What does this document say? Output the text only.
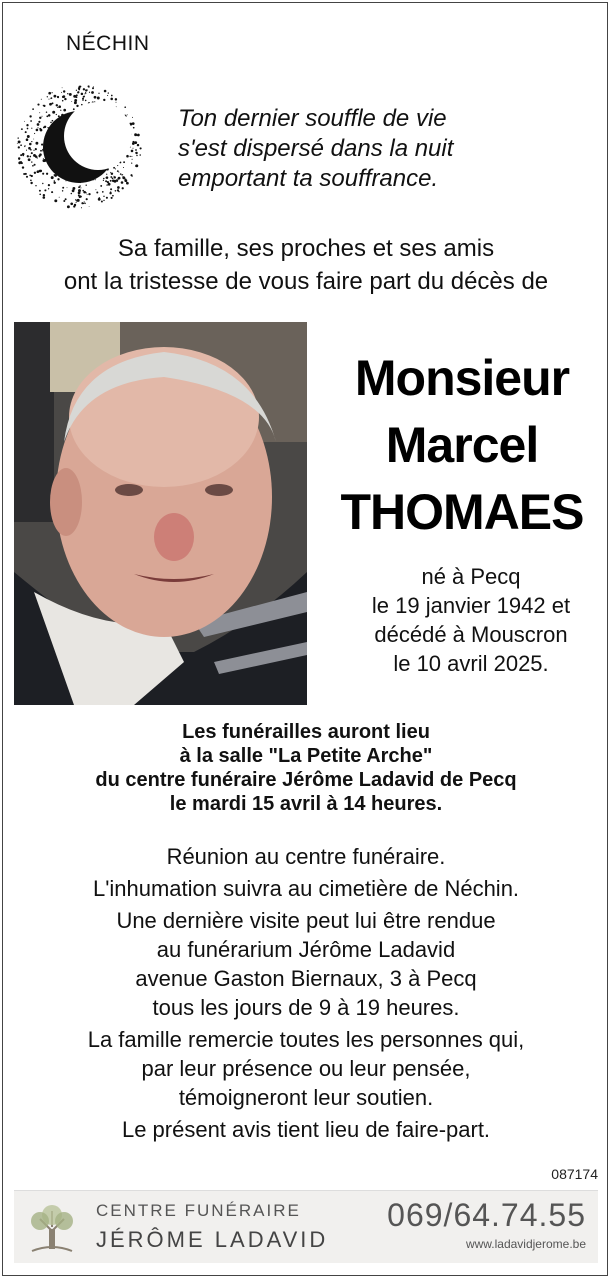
NÉCHIN
Ton dernier souffle de vie
s'est dispersé dans la nuit
emportant ta souffrance.
Sa famille, ses proches et ses amis
ont la tristesse de vous faire part du décès de
Monsieur
Marcel
THOMAES
né à Pecq
le 19 janvier 1942 et
décédé à Mouscron
le 10 avril 2025.
Les funérailles auront lieu
à la salle "La Petite Arche"
du centre funéraire Jérôme Ladavid de Pecq
le mardi 15 avril à 14 heures.

Réunion au centre funéraire.

L'inhumation suivra au cimetière de Néchin.

Une dernière visite peut lui être rendue
au funérarium Jérôme Ladavid
avenue Gaston Biernaux, 3 à Pecq
tous les jours de 9 à 19 heures.

La famille remercie toutes les personnes qui,
par leur présence ou leur pensée,
témoigneront leur soutien.

Le présent avis tient lieu de faire-part.

087174
CENTRE FUNÉRAIRE
JÉRÔME LADAVID
069/64.74.55
www.ladavidjerome.be
